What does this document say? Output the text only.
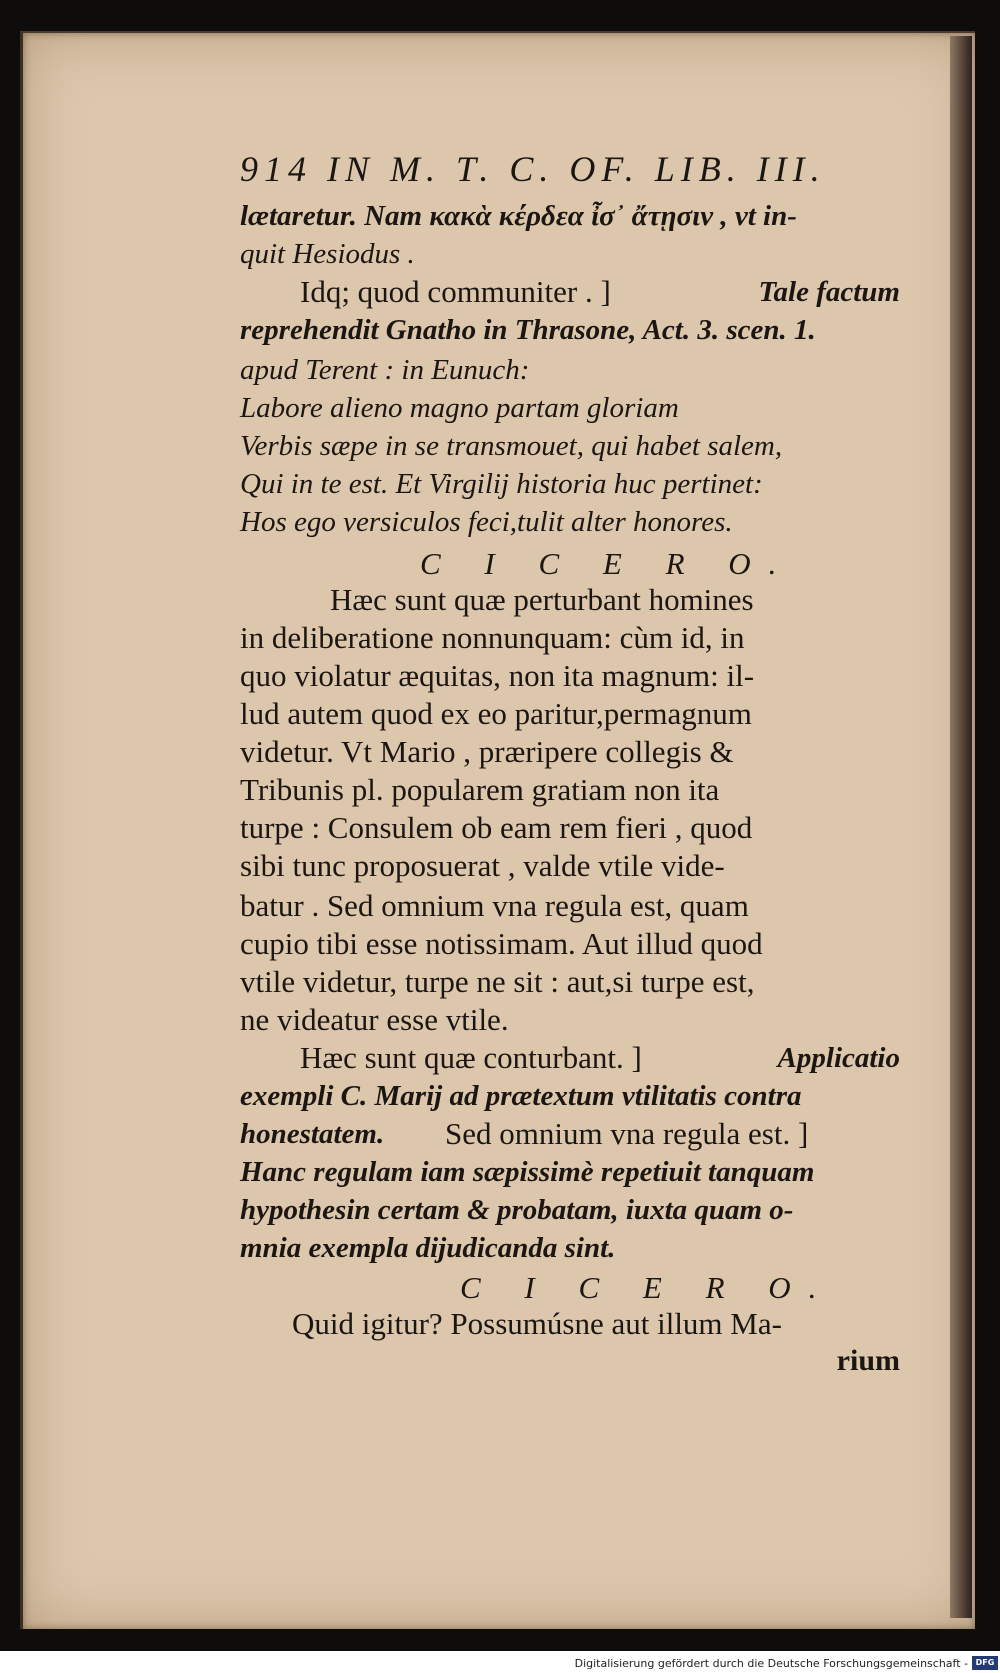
914 IN M. T. C. OF. LIB. III.
lætaretur. Nam κακὰ κέρδεα ἶσ᾽ ἄτῃσιν , vt in-
quit Hesiodus .
Idq; quod communiter . ]	Tale factum
reprehendit Gnatho in Thrasone, Act. 3. scen. 1.
apud Terent : in Eunuch:
Labore alieno magno partam gloriam
Verbis sæpe in se transmouet, qui habet salem,
Qui in te est. Et Virgilij historia huc pertinet:
Hos ego versiculos feci,tulit alter honores.
C I C E R O.
Hæc sunt quæ perturbant homines
in deliberatione nonnunquam: cùm id, in
quo violatur æquitas, non ita magnum: il-
lud autem quod ex eo paritur,permagnum
videtur. Vt Mario , præripere collegis &
Tribunis pl. popularem gratiam non ita
turpe : Consulem ob eam rem fieri , quod
sibi tunc proposuerat , valde vtile vide-
batur . Sed omnium vna regula est, quam
cupio tibi esse notissimam. Aut illud quod
vtile videtur, turpe ne sit : aut,si turpe est,
ne videatur esse vtile.
Hæc sunt quæ conturbant. ]	Applicatio
exempli C. Marij ad prætextum vtilitatis contra
honestatem. Sed omnium vna regula est. ]
Hanc regulam iam sæpissimè repetiuit tanquam
hypothesin certam & probatam, iuxta quam o-
mnia exempla dijudicanda sint.
C I C E R O.
Quid igitur? Possumúsne aut illum Ma-
rium
Digitalisierung gefördert durch die Deutsche Forschungsgemeinschaft - DFG
